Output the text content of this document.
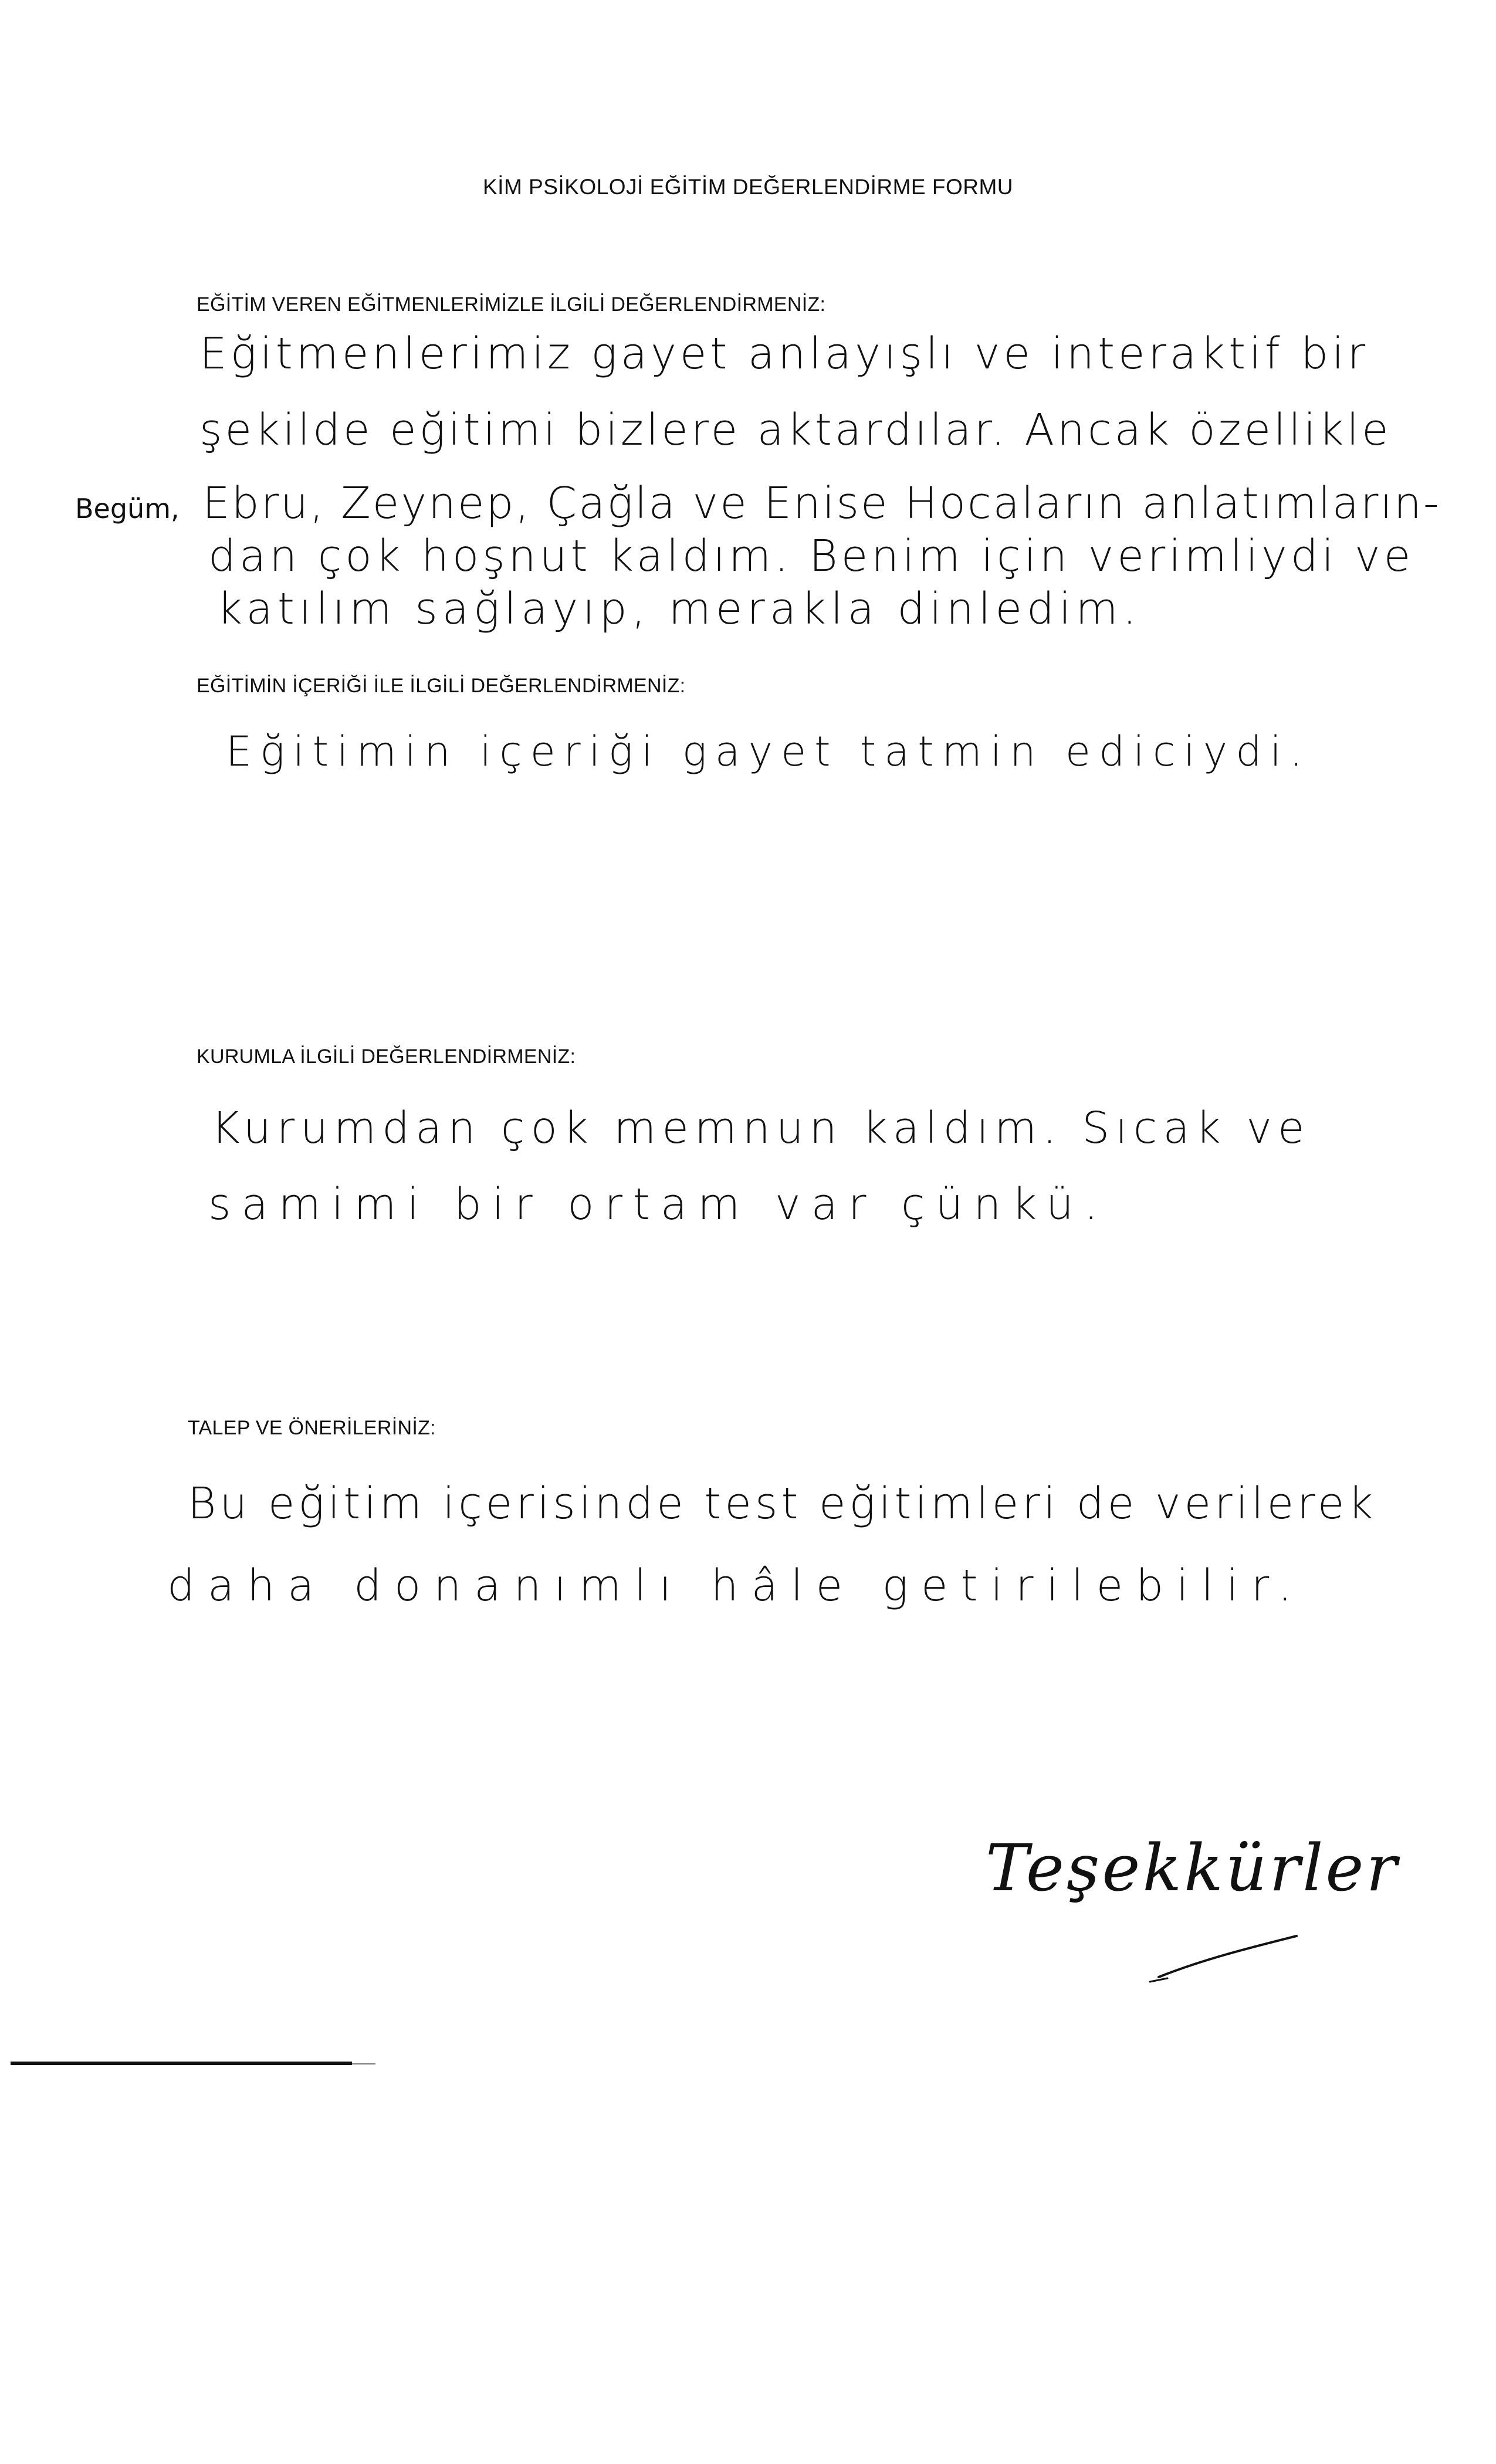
KİM PSİKOLOJİ EĞİTİM DEĞERLENDİRME FORMU
EĞİTİM VEREN EĞİTMENLERİMİZLE İLGİLİ DEĞERLENDİRMENİZ:
Eğitmenlerimiz gayet anlayışlı ve interaktif bir
şekilde eğitimi bizlere aktardılar. Ancak özellikle
Begüm, Ebru, Zeynep, Çağla ve Enise Hocaların anlatımların-
dan çok hoşnut kaldım. Benim için verimliydi ve
katılım sağlayıp, merakla dinledim.
EĞİTİMİN İÇERİĞİ İLE İLGİLİ DEĞERLENDİRMENİZ:
Eğitimin içeriği gayet tatmin ediciydi.
KURUMLA İLGİLİ DEĞERLENDİRMENİZ:
Kurumdan çok memnun kaldım. Sıcak ve
samimi bir ortam var çünkü.
TALEP VE ÖNERİLERİNİZ:
Bu eğitim içerisinde test eğitimleri de verilerek
daha donanımlı hâle getirilebilir.
Teşekkürler
